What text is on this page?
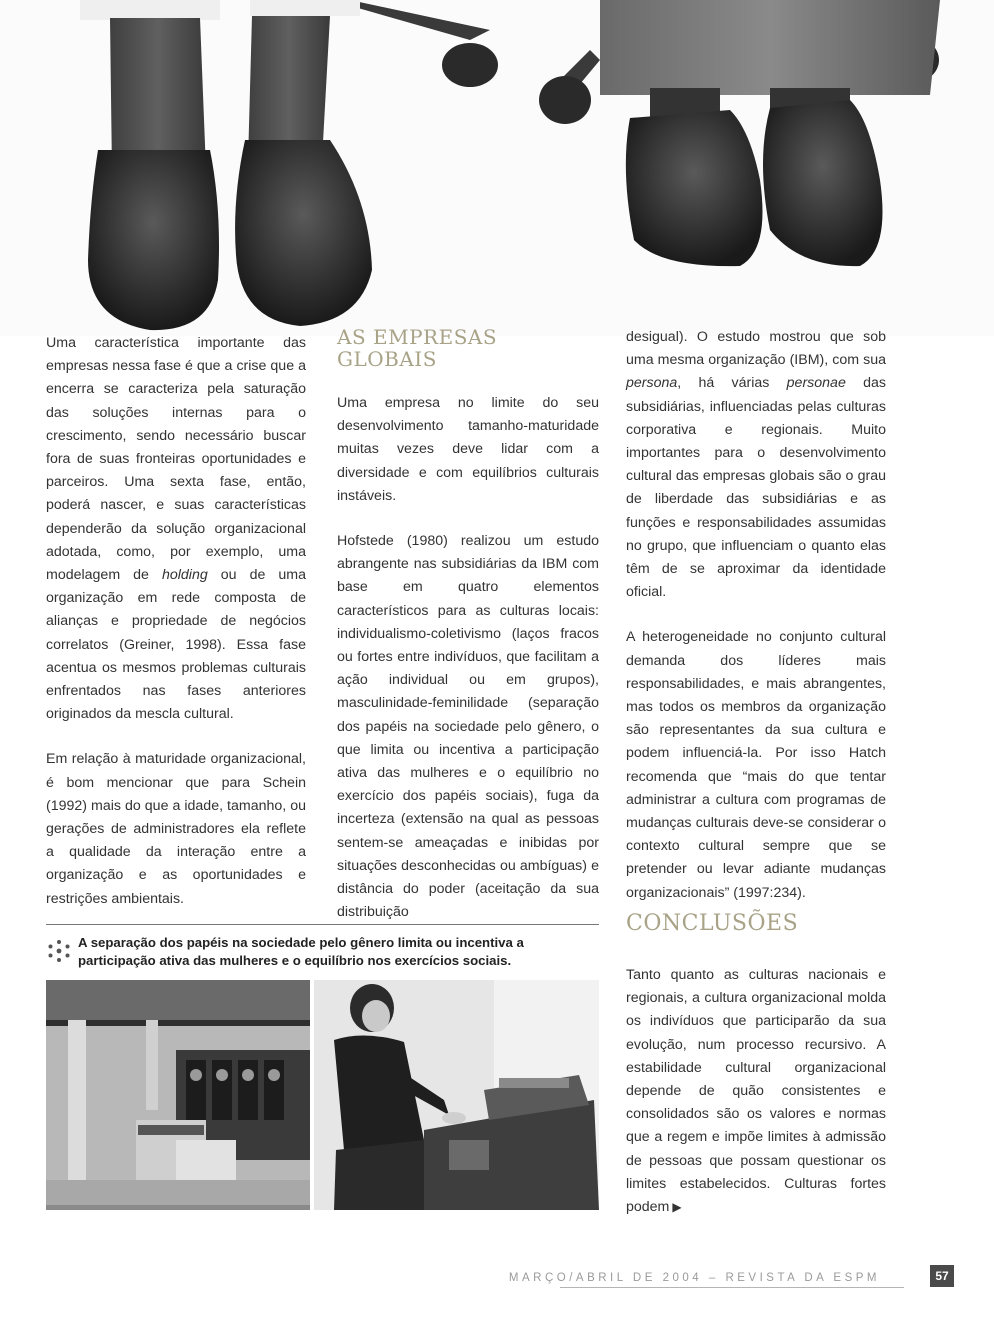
Uma característica importante das empresas nessa fase é que a crise que a encerra se caracteriza pela saturação das soluções internas para o crescimento, sendo necessário buscar fora de suas fronteiras oportunidades e parceiros. Uma sexta fase, então, poderá nascer, e suas características dependerão da solução organizacional adotada, como, por exemplo, uma modelagem de holding ou de uma organização em rede composta de alianças e propriedade de negócios correlatos (Greiner, 1998). Essa fase acentua os mesmos problemas culturais enfrentados nas fases anteriores originados da mescla cultural.

Em relação à maturidade organizacional, é bom mencionar que para Schein (1992) mais do que a idade, tamanho, ou gerações de administradores ela reflete a qualidade da interação entre a organização e as oportunidades e restrições ambientais.

AS EMPRESAS GLOBAIS

Uma empresa no limite do seu desenvolvimento tamanho-maturidade muitas vezes deve lidar com a diversidade e com equilíbrios culturais instáveis.

Hofstede (1980) realizou um estudo abrangente nas subsidiárias da IBM com base em quatro elementos característicos para as culturas locais: individualismo-coletivismo (laços fracos ou fortes entre indivíduos, que facilitam a ação individual ou em grupos), masculinidade-feminilidade (separação dos papéis na sociedade pelo gênero, o que limita ou incentiva a participação ativa das mulheres e o equilíbrio no exercício dos papéis sociais), fuga da incerteza (extensão na qual as pessoas sentem-se ameaçadas e inibidas por situações desconhecidas ou ambíguas) e distância do poder (aceitação da sua distribuição

desigual). O estudo mostrou que sob uma mesma organização (IBM), com sua persona, há várias personae das subsidiárias, influenciadas pelas culturas corporativa e regionais. Muito importantes para o desenvolvimento cultural das empresas globais são o grau de liberdade das subsidiárias e as funções e responsabilidades assumidas no grupo, que influenciam o quanto elas têm de se aproximar da identidade oficial.

A heterogeneidade no conjunto cultural demanda dos líderes mais responsabilidades, e mais abrangentes, mas todos os membros da organização são representantes da sua cultura e podem influenciá-la. Por isso Hatch recomenda que “mais do que tentar administrar a cultura com programas de mudanças culturais deve-se considerar o contexto cultural sempre que se pretender ou levar adiante mudanças organizacionais” (1997:234).

CONCLUSÕES

Tanto quanto as culturas nacionais e regionais, a cultura organizacional molda os indivíduos que participarão da sua evolução, num processo recursivo. A estabilidade cultural organizacional depende de quão consistentes e consolidados são os valores e normas que a regem e impõe limites à admissão de pessoas que possam questionar os limites estabelecidos. Culturas fortes podem ▶

A separação dos papéis na sociedade pelo gênero limita ou incentiva a participação ativa das mulheres e o equilíbrio nos exercícios sociais.
MARÇO/ABRIL DE 2004 – REVISTA DA ESPM	57
